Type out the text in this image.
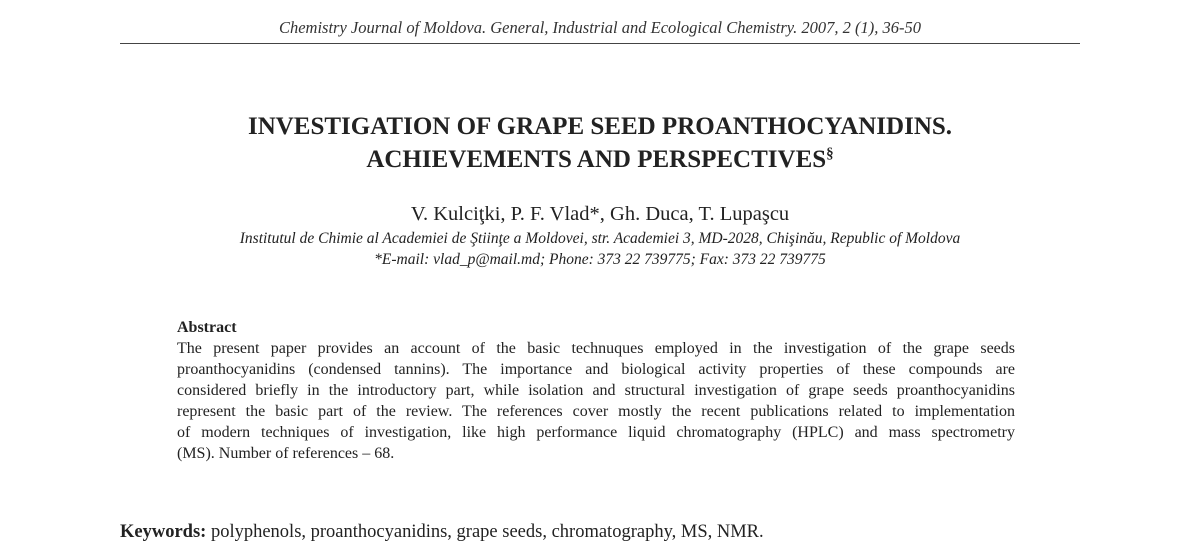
Chemistry Journal of Moldova. General, Industrial and Ecological Chemistry. 2007, 2 (1), 36-50
INVESTIGATION OF GRAPE SEED PROANTHOCYANIDINS.
ACHIEVEMENTS AND PERSPECTIVES§
V. Kulciţki, P. F. Vlad*, Gh. Duca, T. Lupaşcu
Institutul de Chimie al Academiei de Ştiinţe a Moldovei, str. Academiei 3, MD-2028, Chişinău, Republic of Moldova
*E-mail: vlad_p@mail.md; Phone: 373 22 739775; Fax: 373 22 739775
Abstract
The present paper provides an account of the basic technuques employed in the investigation of the grape seeds
proanthocyanidins (condensed tannins). The importance and biological activity properties of these compounds are
considered briefly in the introductory part, while isolation and structural investigation of grape seeds proanthocyanidins
represent the basic part of the review. The references cover mostly the recent publications related to implementation
of modern techniques of investigation, like high performance liquid chromatography (HPLC) and mass spectrometry
(MS). Number of references – 68.
Keywords: polyphenols, proanthocyanidins, grape seeds, chromatography, MS, NMR.
